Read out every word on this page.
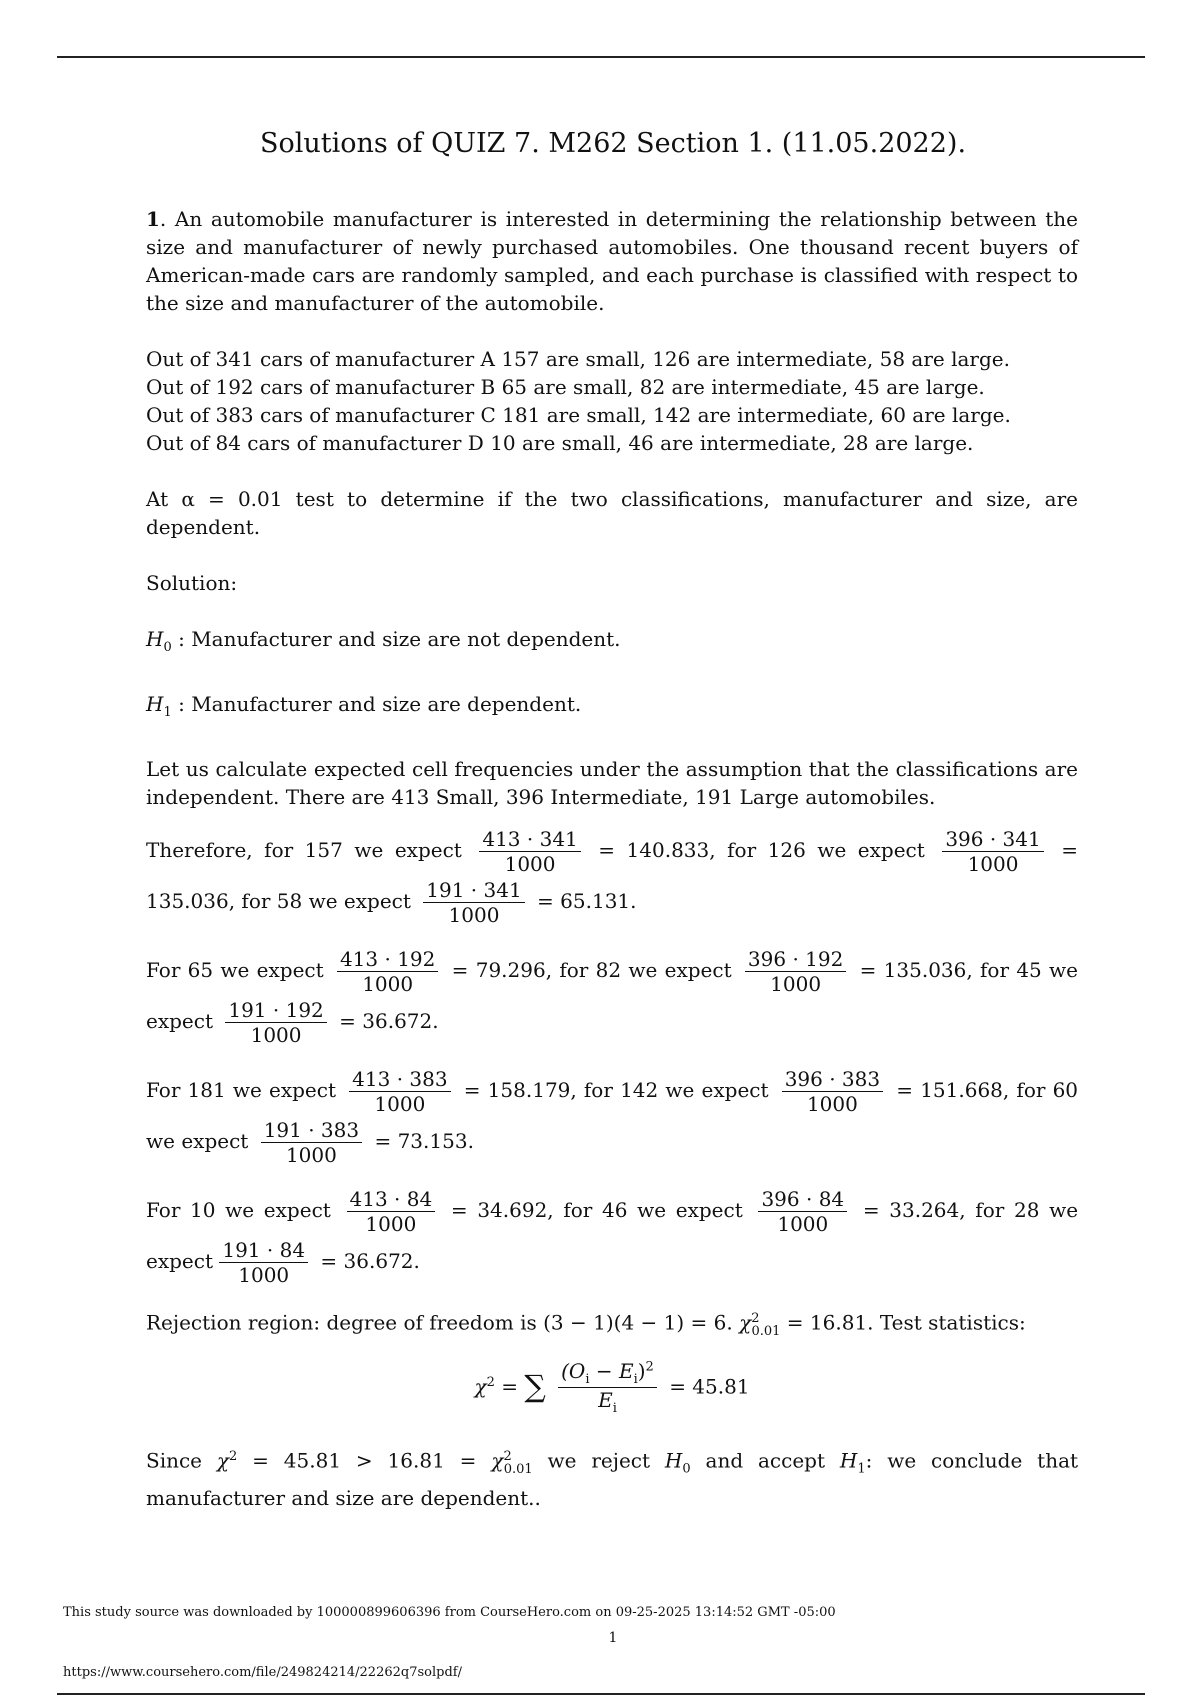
Solutions of QUIZ 7. M262 Section 1. (11.05.2022).

1. An automobile manufacturer is interested in determining the relationship between the size and manufacturer of newly purchased automobiles. One thousand recent buyers of American-made cars are randomly sampled, and each purchase is classified with respect to the size and manufacturer of the automobile.

Out of 341 cars of manufacturer A 157 are small, 126 are intermediate, 58 are large.
Out of 192 cars of manufacturer B 65 are small, 82 are intermediate, 45 are large.
Out of 383 cars of manufacturer C 181 are small, 142 are intermediate, 60 are large.
Out of 84 cars of manufacturer D 10 are small, 46 are intermediate, 28 are large.

At α = 0.01 test to determine if the two classifications, manufacturer and size, are dependent.

Solution:

$H_0$ : Manufacturer and size are not dependent.

$H_1$ : Manufacturer and size are dependent.

Let us calculate expected cell frequencies under the assumption that the classifications are independent. There are 413 Small, 396 Intermediate, 191 Large automobiles.

Therefore, for 157 we expect $\frac{413 \cdot 341}{1000} = 140.833$, for 126 we expect $\frac{396 \cdot 341}{1000} = 135.036$, for 58 we expect $\frac{191 \cdot 341}{1000} = 65.131$.

For 65 we expect $\frac{413 \cdot 192}{1000} = 79.296$, for 82 we expect $\frac{396 \cdot 192}{1000} = 135.036$, for 45 we expect $\frac{191 \cdot 192}{1000} = 36.672$.

For 181 we expect $\frac{413 \cdot 383}{1000} = 158.179$, for 142 we expect $\frac{396 \cdot 383}{1000} = 151.668$, for 60 we expect $\frac{191 \cdot 383}{1000} = 73.153$.

For 10 we expect $\frac{413 \cdot 84}{1000} = 34.692$, for 46 we expect $\frac{396 \cdot 84}{1000} = 33.264$, for 28 we expect $\frac{191 \cdot 84}{1000} = 36.672$.

Rejection region: degree of freedom is (3 − 1)(4 − 1) = 6. $\chi^2_{0.01} = 16.81$. Test statistics:

$\chi^2$ = ∑ $\frac{(O_i - E_i)^2}{E_i} = 45.81$

Since $\chi^2 = 45.81 > 16.81 = \chi^2_{0.01}$ we reject $H_0$ and accept $H_1$: we conclude that manufacturer and size are dependent..

This study source was downloaded by 100000899606396 from CourseHero.com on 09-25-2025 13:14:52 GMT -05:00
1
https://www.coursehero.com/file/249824214/22262q7solpdf/
